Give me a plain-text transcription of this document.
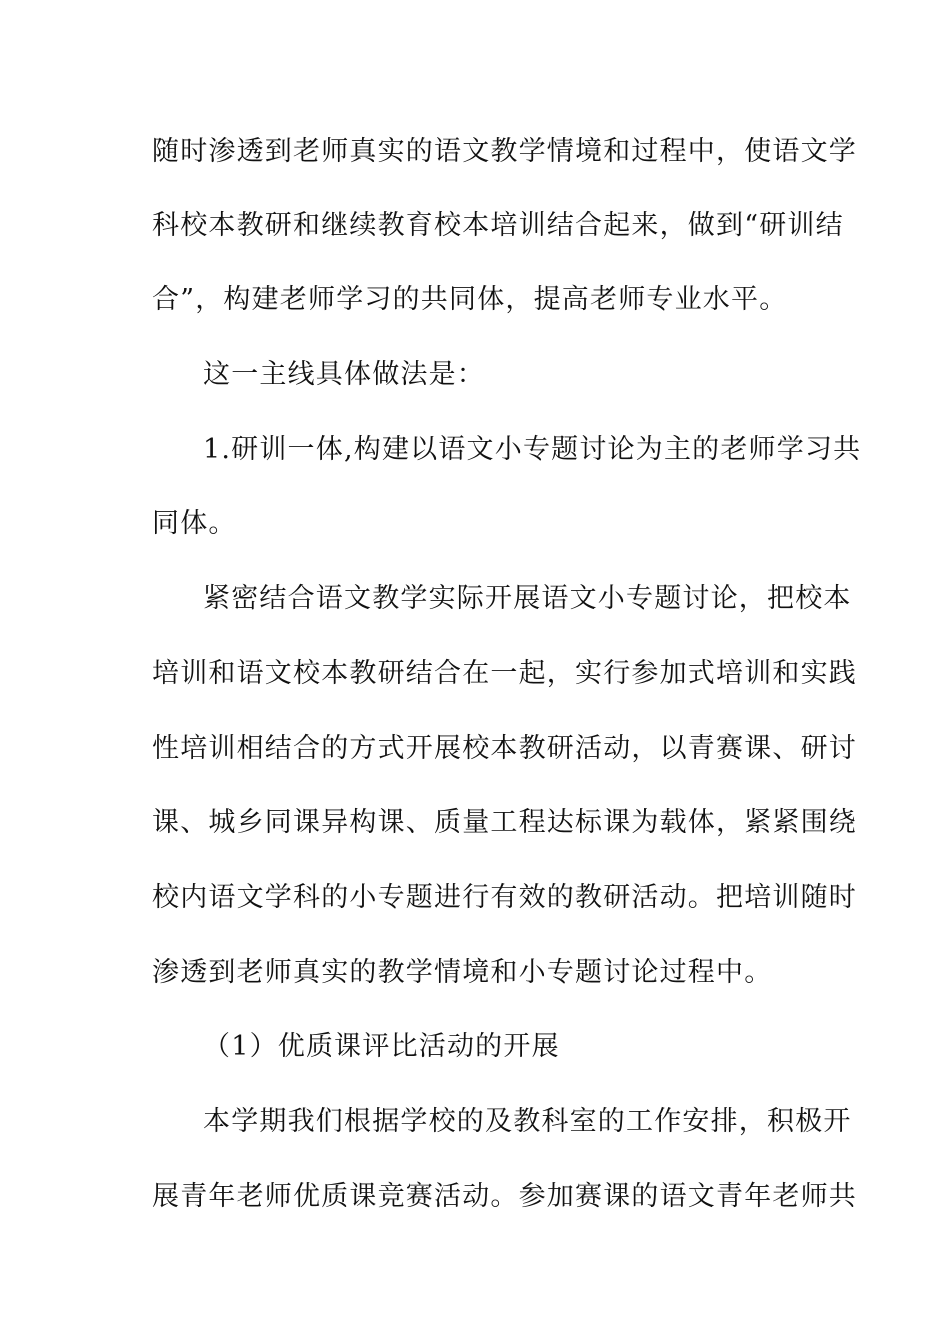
随时渗透到老师真实的语文教学情境和过程中，使语文学
科校本教研和继续教育校本培训结合起来，做到“研训结
合”，构建老师学习的共同体，提高老师专业水平。
这一主线具体做法是：
1.研训一体,构建以语文小专题讨论为主的老师学习共
同体。
紧密结合语文教学实际开展语文小专题讨论，把校本
培训和语文校本教研结合在一起，实行参加式培训和实践
性培训相结合的方式开展校本教研活动，以青赛课、研讨
课、城乡同课异构课、质量工程达标课为载体，紧紧围绕
校内语文学科的小专题进行有效的教研活动。把培训随时
渗透到老师真实的教学情境和小专题讨论过程中。
（1）优质课评比活动的开展
本学期我们根据学校的及教科室的工作安排，积极开
展青年老师优质课竞赛活动。参加赛课的语文青年老师共
